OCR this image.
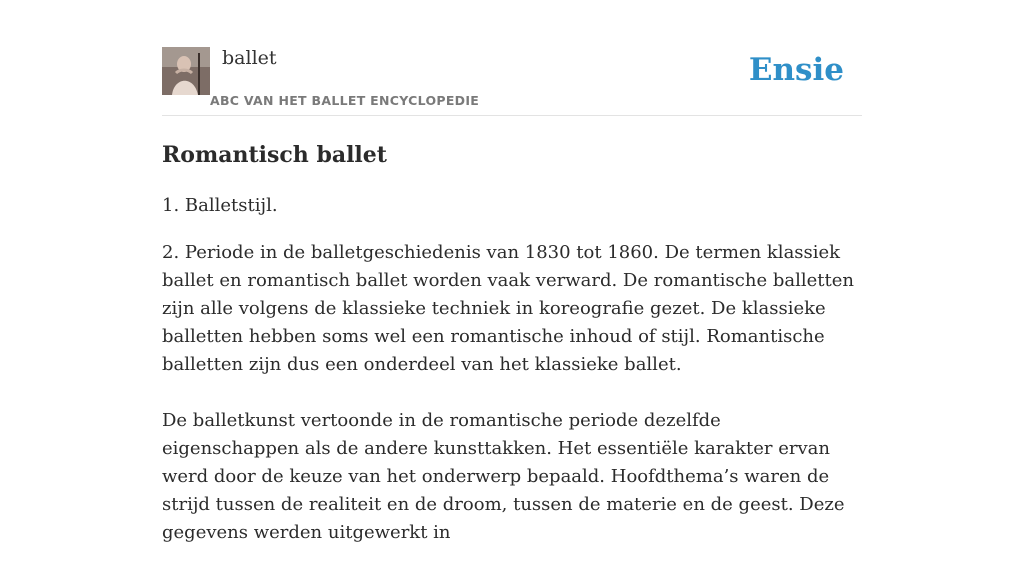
ballet
ABC VAN HET BALLET ENCYCLOPEDIE
Ensie
Romantisch ballet

1. Balletstijl.

2. Periode in de balletgeschiedenis van 1830 tot 1860. De termen klassiek ballet en romantisch ballet worden vaak verward. De romantische balletten zijn alle volgens de klassieke techniek in koreografie gezet. De klassieke balletten hebben soms wel een romantische inhoud of stijl. Romantische balletten zijn dus een onderdeel van het klassieke ballet.

De balletkunst vertoonde in de romantische periode dezelfde eigenschappen als de andere kunsttakken. Het essentiële karakter ervan werd door de keuze van het onderwerp bepaald. Hoofdthema’s waren de strijd tussen de realiteit en de droom, tussen de materie en de geest. Deze gegevens werden uitgewerkt in
